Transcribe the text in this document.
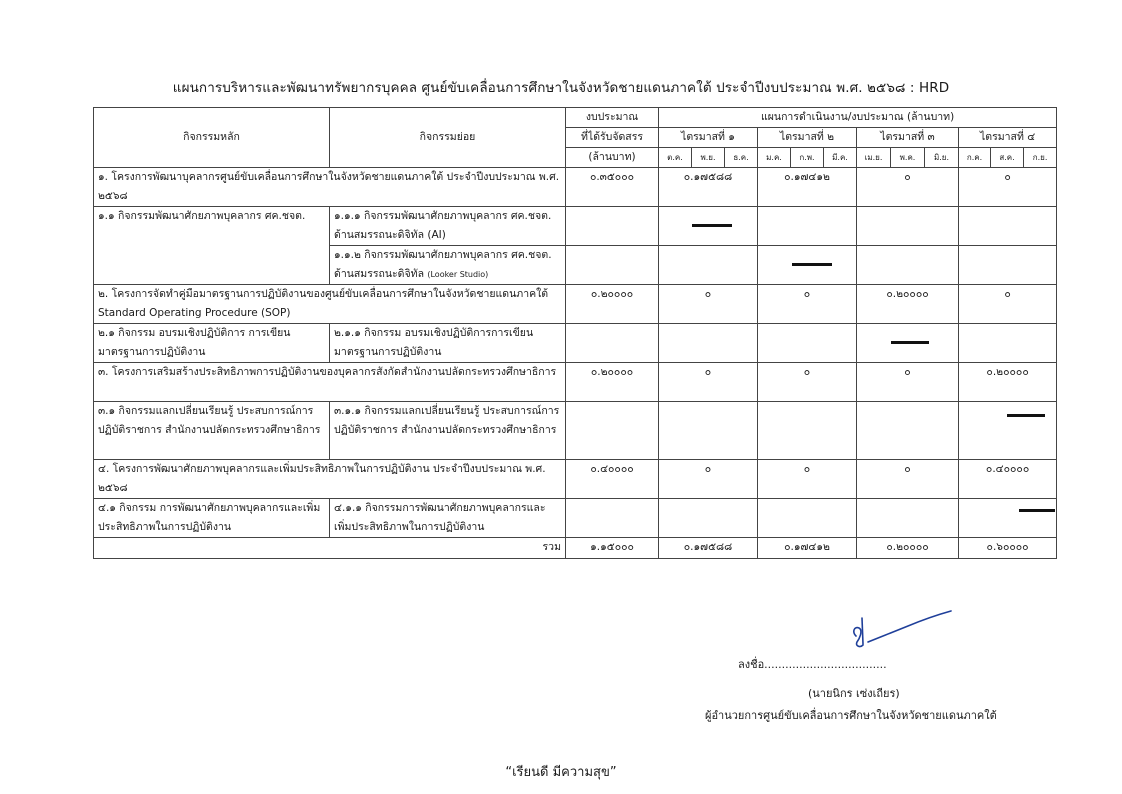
แผนการบริหารและพัฒนาทรัพยากรบุคคล ศูนย์ขับเคลื่อนการศึกษาในจังหวัดชายแดนภาคใต้ ประจำปีงบประมาณ พ.ศ. ๒๕๖๘ : HRD
กิจกรรมหลัก	กิจกรรมย่อย	งบประมาณ	แผนการดำเนินงาน/งบประมาณ (ล้านบาท)											
		ที่ได้รับจัดสรร	ไตรมาสที่ ๑			ไตรมาสที่ ๒			ไตรมาสที่ ๓			ไตรมาสที่ ๔		
		(ล้านบาท)	ต.ค.	พ.ย.	ธ.ค.	ม.ค.	ก.พ.	มี.ค.	เม.ย.	พ.ค.	มิ.ย.	ก.ค.	ส.ค.	ก.ย.
๑. โครงการพัฒนาบุคลากรศูนย์ขับเคลื่อนการศึกษาในจังหวัดชายแดนภาคใต้ ประจำปีงบประมาณ พ.ศ. ๒๕๖๘		๐.๓๕๐๐๐	๐.๑๗๕๘๘			๐.๑๗๔๑๒			๐			๐		
๑.๑ กิจกรรมพัฒนาศักยภาพบุคลากร ศค.ชจต.	๑.๑.๑ กิจกรรมพัฒนาศักยภาพบุคลากร ศค.ชจต. ด้านสมรรถนะดิจิทัล (AI)										

	๑.๑.๒ กิจกรรมพัฒนาศักยภาพบุคลากร ศค.ชจต. ด้านสมรรถนะดิจิทัล (Looker Studio)											

๒. โครงการจัดทำคู่มือมาตรฐานการปฏิบัติงานของศูนย์ขับเคลื่อนการศึกษาในจังหวัดชายแดนภาคใต้ Standard Operating Procedure (SOP)		๐.๒๐๐๐๐	๐			๐			๐.๒๐๐๐๐			๐		
๒.๑ กิจกรรม อบรมเชิงปฏิบัติการ การเขียนมาตรฐานการปฏิบัติงาน	๒.๑.๑ กิจกรรม อบรมเชิงปฏิบัติการการเขียนมาตรฐานการปฏิบัติงาน												

๓. โครงการเสริมสร้างประสิทธิภาพการปฏิบัติงานของบุคลากรสังกัดสำนักงานปลัดกระทรวงศึกษาธิการ		๐.๒๐๐๐๐	๐			๐			๐			๐.๒๐๐๐๐		
๓.๑ กิจกรรมแลกเปลี่ยนเรียนรู้ ประสบการณ์การปฏิบัติราชการ สำนักงานปลัดกระทรวงศึกษาธิการ	๓.๑.๑ กิจกรรมแลกเปลี่ยนเรียนรู้ ประสบการณ์การปฏิบัติราชการ สำนักงานปลัดกระทรวงศึกษาธิการ													

๔. โครงการพัฒนาศักยภาพบุคลากรและเพิ่มประสิทธิภาพในการปฏิบัติงาน ประจำปีงบประมาณ พ.ศ. ๒๕๖๘		๐.๔๐๐๐๐	๐			๐			๐			๐.๔๐๐๐๐		
๔.๑ กิจกรรม การพัฒนาศักยภาพบุคลากรและเพิ่มประสิทธิภาพในการปฏิบัติงาน	๔.๑.๑ กิจกรรมการพัฒนาศักยภาพบุคลากรและเพิ่มประสิทธิภาพในการปฏิบัติงาน													

รวม		๑.๑๕๐๐๐	๐.๑๗๕๘๘			๐.๑๗๔๑๒			๐.๒๐๐๐๐			๐.๖๐๐๐๐		
ลงชื่อ...................................
(นายนิกร เซ่งเถียร)
ผู้อำนวยการศูนย์ขับเคลื่อนการศึกษาในจังหวัดชายแดนภาคใต้
“เรียนดี มีความสุข”
